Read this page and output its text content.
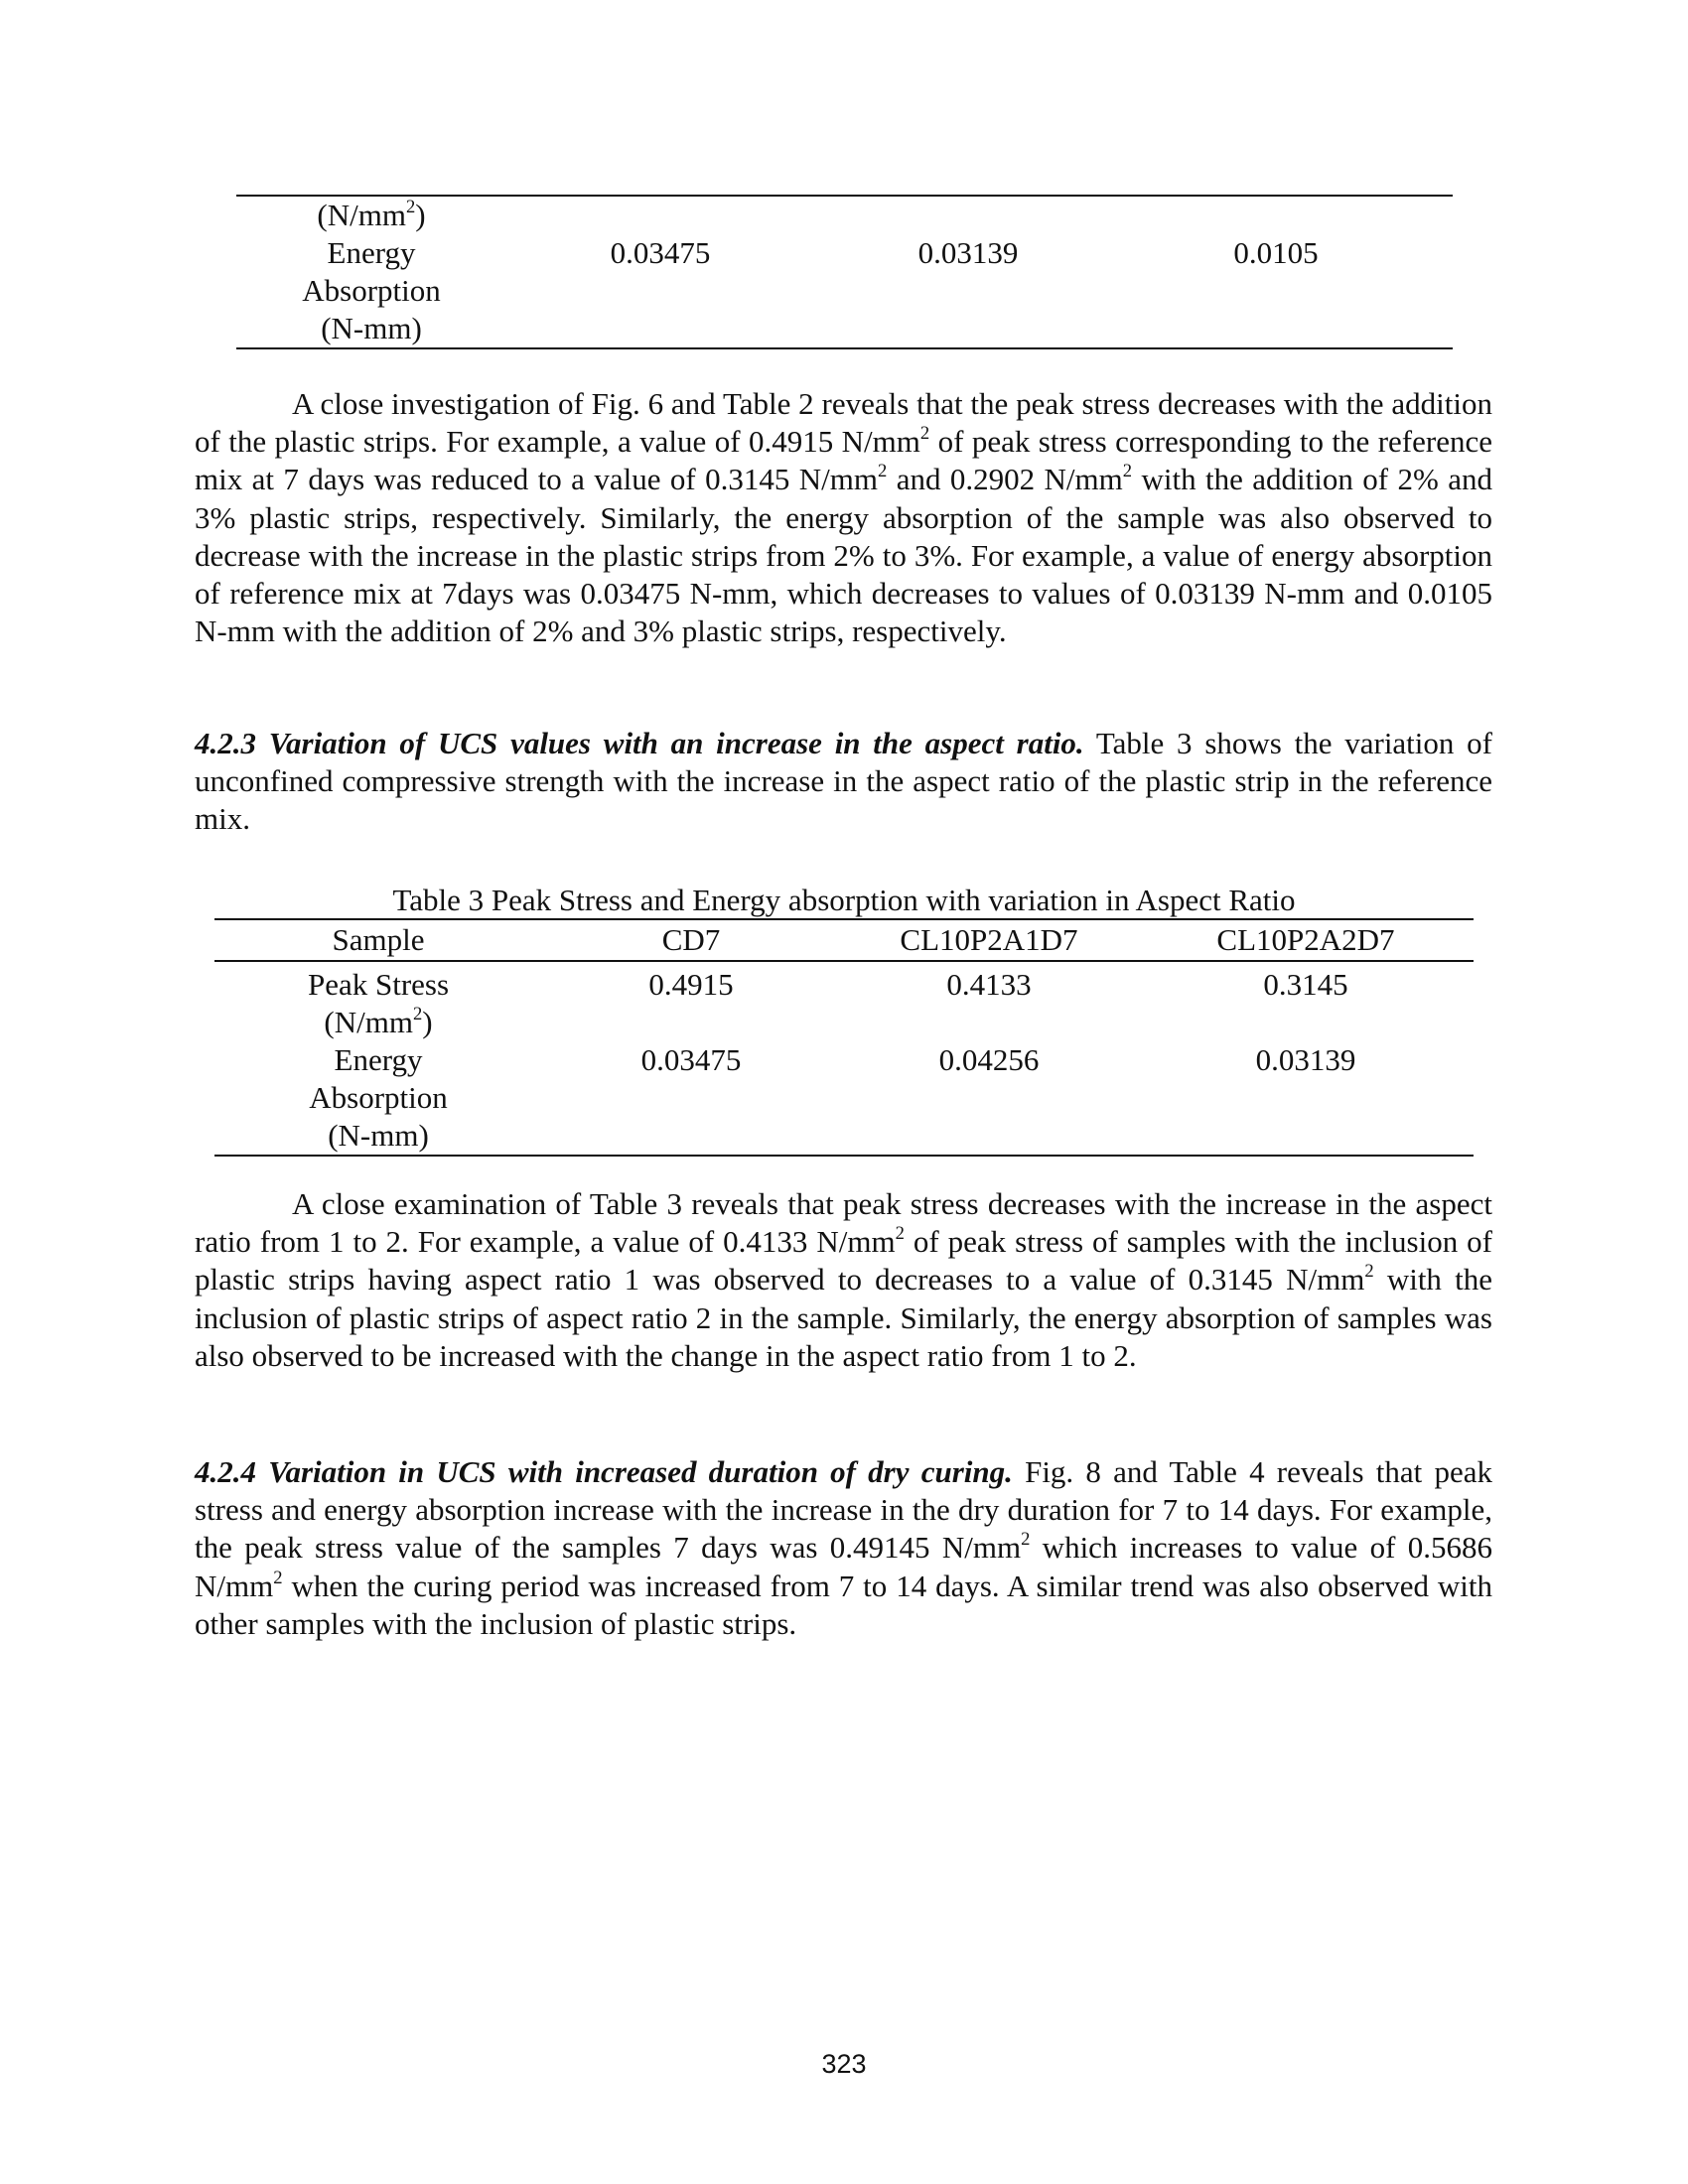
$(N/mm^2)$
Energy
Absorption
(N-mm)
0.03475	0.03139	0.0105

A close investigation of Fig. 6 and Table 2 reveals that the peak stress decreases with the addition of the plastic strips. For example, a value of 0.4915 $N/mm^2$ of peak stress corresponding to the reference mix at 7 days was reduced to a value of 0.3145 $N/mm^2$ and 0.2902 $N/mm^2$ with the addition of 2% and 3% plastic strips, respectively. Similarly, the energy absorption of the sample was also observed to decrease with the increase in the plastic strips from 2% to 3%. For example, a value of energy absorption of reference mix at 7days was 0.03475 N-mm, which decreases to values of 0.03139 N-mm and 0.0105 N-mm with the addition of 2% and 3% plastic strips, respectively.

4.2.3 Variation of UCS values with an increase in the aspect ratio. Table 3 shows the variation of unconfined compressive strength with the increase in the aspect ratio of the plastic strip in the reference mix.

Table 3 Peak Stress and Energy absorption with variation in Aspect Ratio
Sample	CD7	CL10P2A1D7	CL10P2A2D7
Peak Stress
$(N/mm^2)$
0.4915	0.4133	0.3145
Energy
Absorption
(N-mm)
0.03475	0.04256	0.03139

A close examination of Table 3 reveals that peak stress decreases with the increase in the aspect ratio from 1 to 2. For example, a value of 0.4133 $N/mm^2$ of peak stress of samples with the inclusion of plastic strips having aspect ratio 1 was observed to decreases to a value of 0.3145 $N/mm^2$ with the inclusion of plastic strips of aspect ratio 2 in the sample. Similarly, the energy absorption of samples was also observed to be increased with the change in the aspect ratio from 1 to 2.

4.2.4 Variation in UCS with increased duration of dry curing. Fig. 8 and Table 4 reveals that peak stress and energy absorption increase with the increase in the dry duration for 7 to 14 days. For example, the peak stress value of the samples 7 days was 0.49145 $N/mm^2$ which increases to value of 0.5686 $N/mm^2$ when the curing period was increased from 7 to 14 days. A similar trend was also observed with other samples with the inclusion of plastic strips.

323
